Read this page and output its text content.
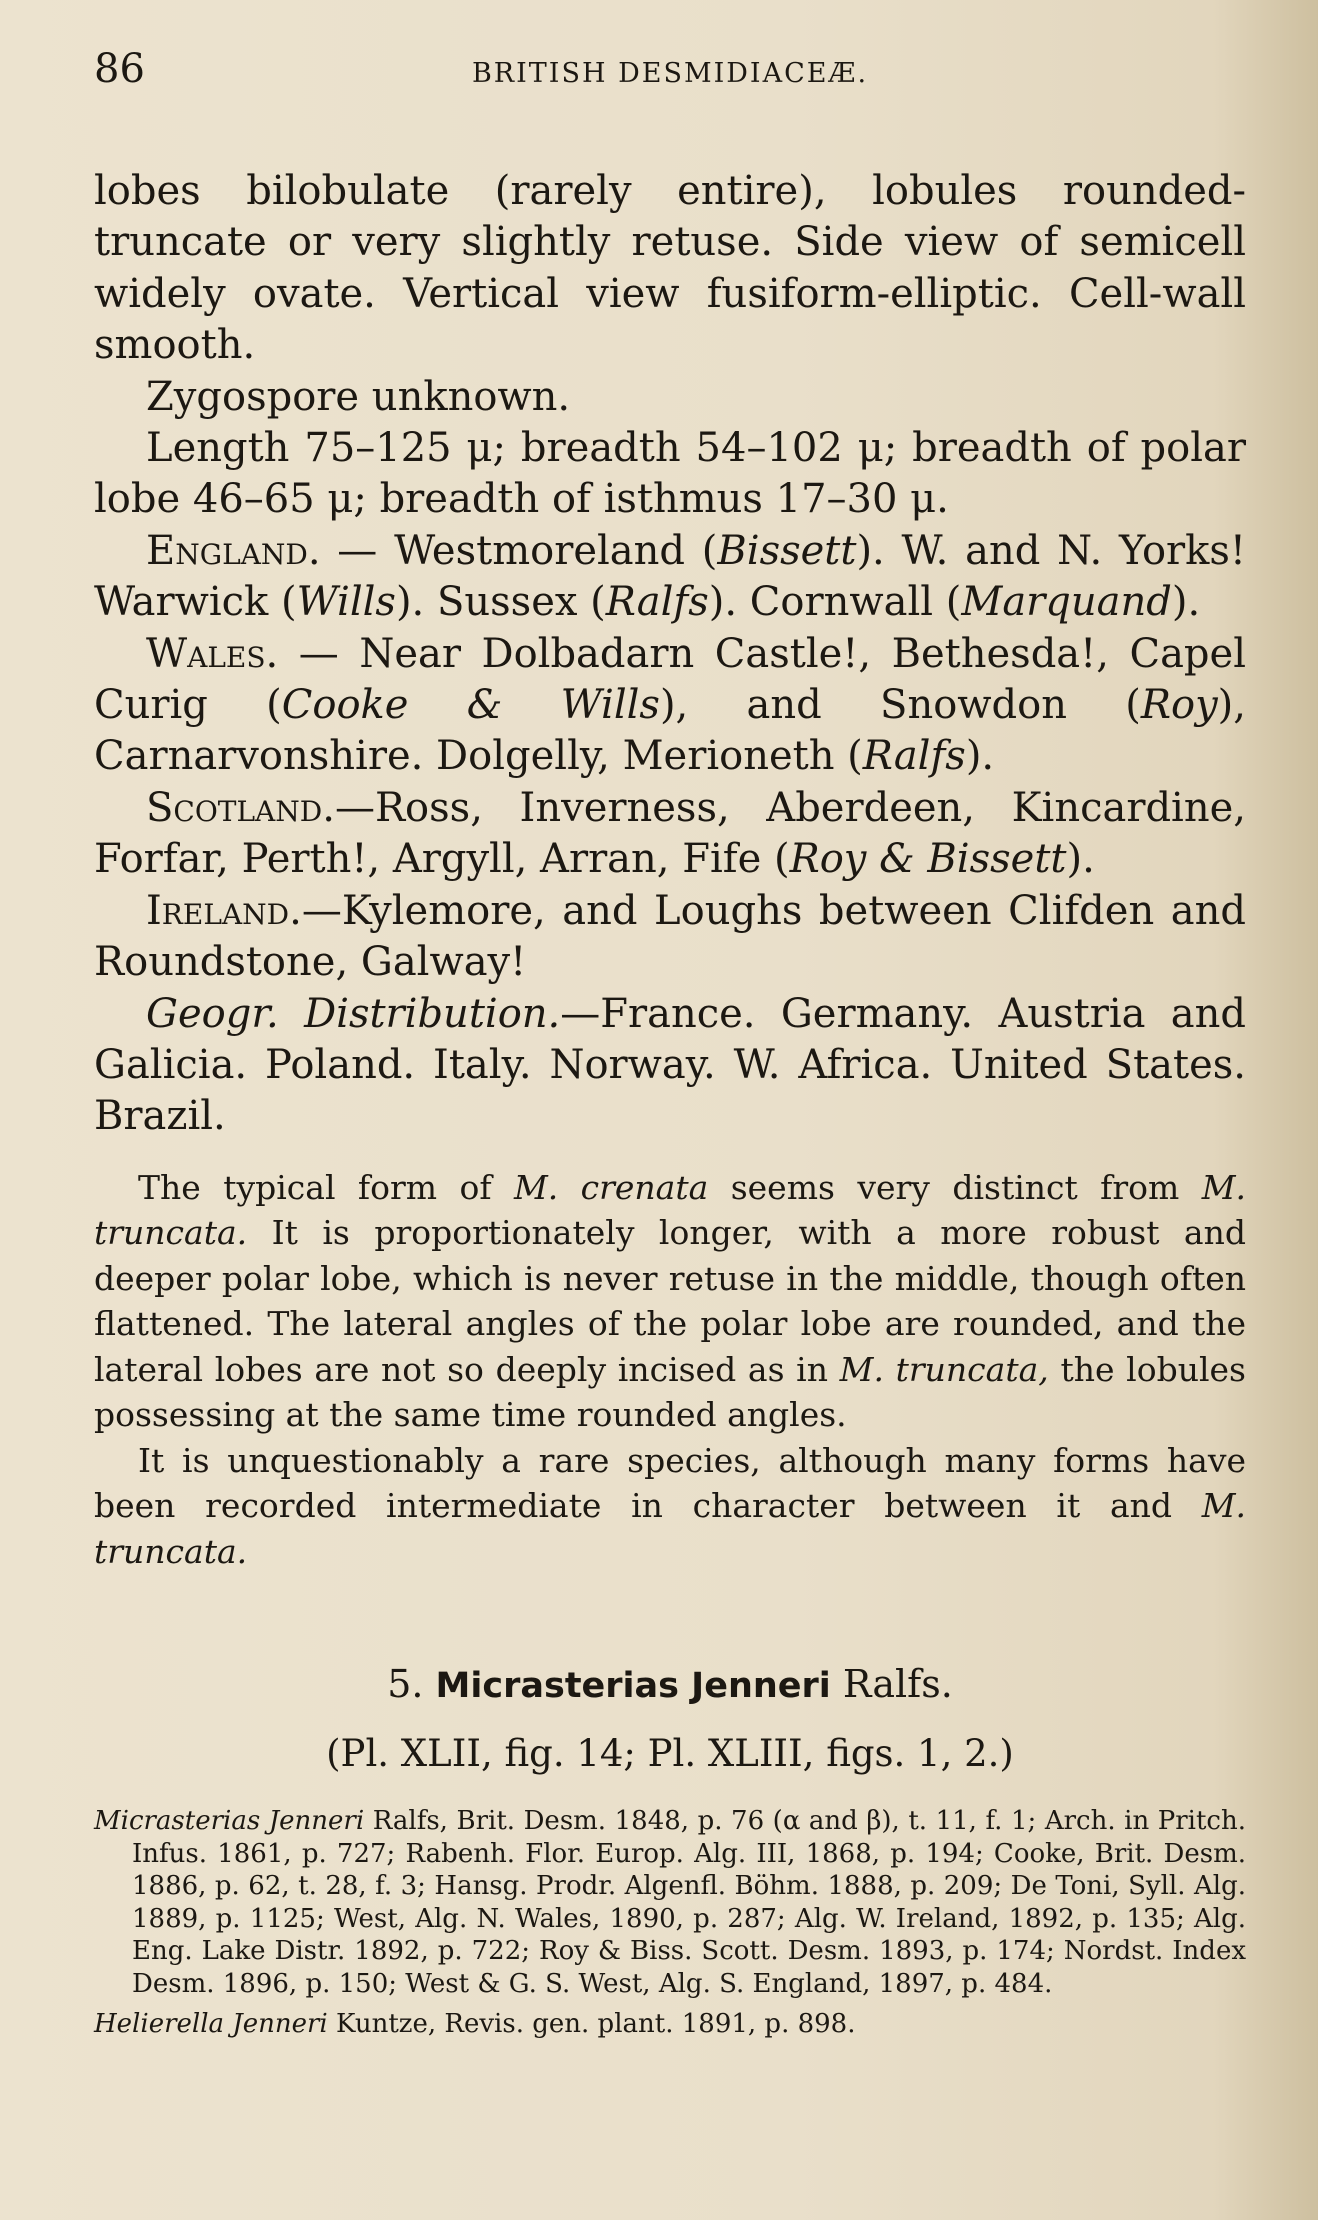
86	BRITISH DESMIDIACEÆ.

lobes bilobulate (rarely entire), lobules rounded-truncate or very slightly retuse. Side view of semicell widely ovate. Vertical view fusiform-elliptic. Cell-wall smooth.

Zygospore unknown.

Length 75–125 μ; breadth 54–102 μ; breadth of polar lobe 46–65 μ; breadth of isthmus 17–30 μ.

England. — Westmoreland (Bissett). W. and N. Yorks! Warwick (Wills). Sussex (Ralfs). Cornwall (Marquand).

Wales. — Near Dolbadarn Castle!, Bethesda!, Capel Curig (Cooke & Wills), and Snowdon (Roy), Carnarvonshire. Dolgelly, Merioneth (Ralfs).

Scotland.—Ross, Inverness, Aberdeen, Kincardine, Forfar, Perth!, Argyll, Arran, Fife (Roy & Bissett).

Ireland.—Kylemore, and Loughs between Clifden and Roundstone, Galway!

Geogr. Distribution.—France. Germany. Austria and Galicia. Poland. Italy. Norway. W. Africa. United States. Brazil.

The typical form of M. crenata seems very distinct from M. truncata. It is proportionately longer, with a more robust and deeper polar lobe, which is never retuse in the middle, though often flattened. The lateral angles of the polar lobe are rounded, and the lateral lobes are not so deeply incised as in M. truncata, the lobules possessing at the same time rounded angles.

It is unquestionably a rare species, although many forms have been recorded intermediate in character between it and M. truncata.

5. Micrasterias Jenneri Ralfs.
(Pl. XLII, fig. 14; Pl. XLIII, figs. 1, 2.)

Micrasterias Jenneri Ralfs, Brit. Desm. 1848, p. 76 (α and β), t. 11, f. 1; Arch. in Pritch. Infus. 1861, p. 727; Rabenh. Flor. Europ. Alg. III, 1868, p. 194; Cooke, Brit. Desm. 1886, p. 62, t. 28, f. 3; Hansg. Prodr. Algenfl. Böhm. 1888, p. 209; De Toni, Syll. Alg. 1889, p. 1125; West, Alg. N. Wales, 1890, p. 287; Alg. W. Ireland, 1892, p. 135; Alg. Eng. Lake Distr. 1892, p. 722; Roy & Biss. Scott. Desm. 1893, p. 174; Nordst. Index Desm. 1896, p. 150; West & G. S. West, Alg. S. England, 1897, p. 484.

Helierella Jenneri Kuntze, Revis. gen. plant. 1891, p. 898.
